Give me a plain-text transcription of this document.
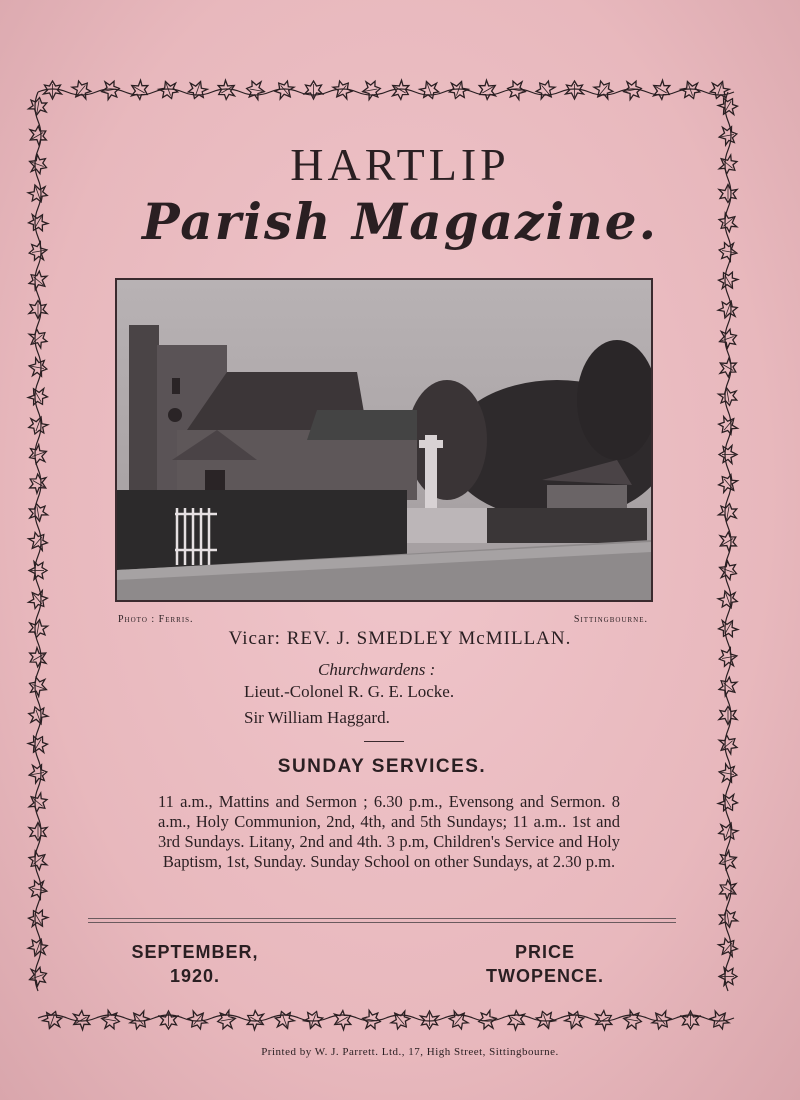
HARTLIP
Parish Magazine.
Photo : Ferris.	Sittingbourne.
Vicar: REV. J. SMEDLEY McMILLAN.
Churchwardens :
Lieut.-Colonel R. G. E. Locke.
Sir William Haggard.
SUNDAY SERVICES.
11 a.m., Mattins and Sermon ; 6.30 p.m., Evensong and Sermon. 8 a.m., Holy Communion, 2nd, 4th, and 5th Sundays; 11 a.m.. 1st and 3rd Sundays. Litany, 2nd and 4th. 3 p.m, Children's Service and Holy Baptism, 1st, Sunday. Sunday School on other Sundays, at 2.30 p.m.
SEPTEMBER,
1920.
PRICE
TWOPENCE.
Printed by W. J. Parrett. Ltd., 17, High Street, Sittingbourne.
